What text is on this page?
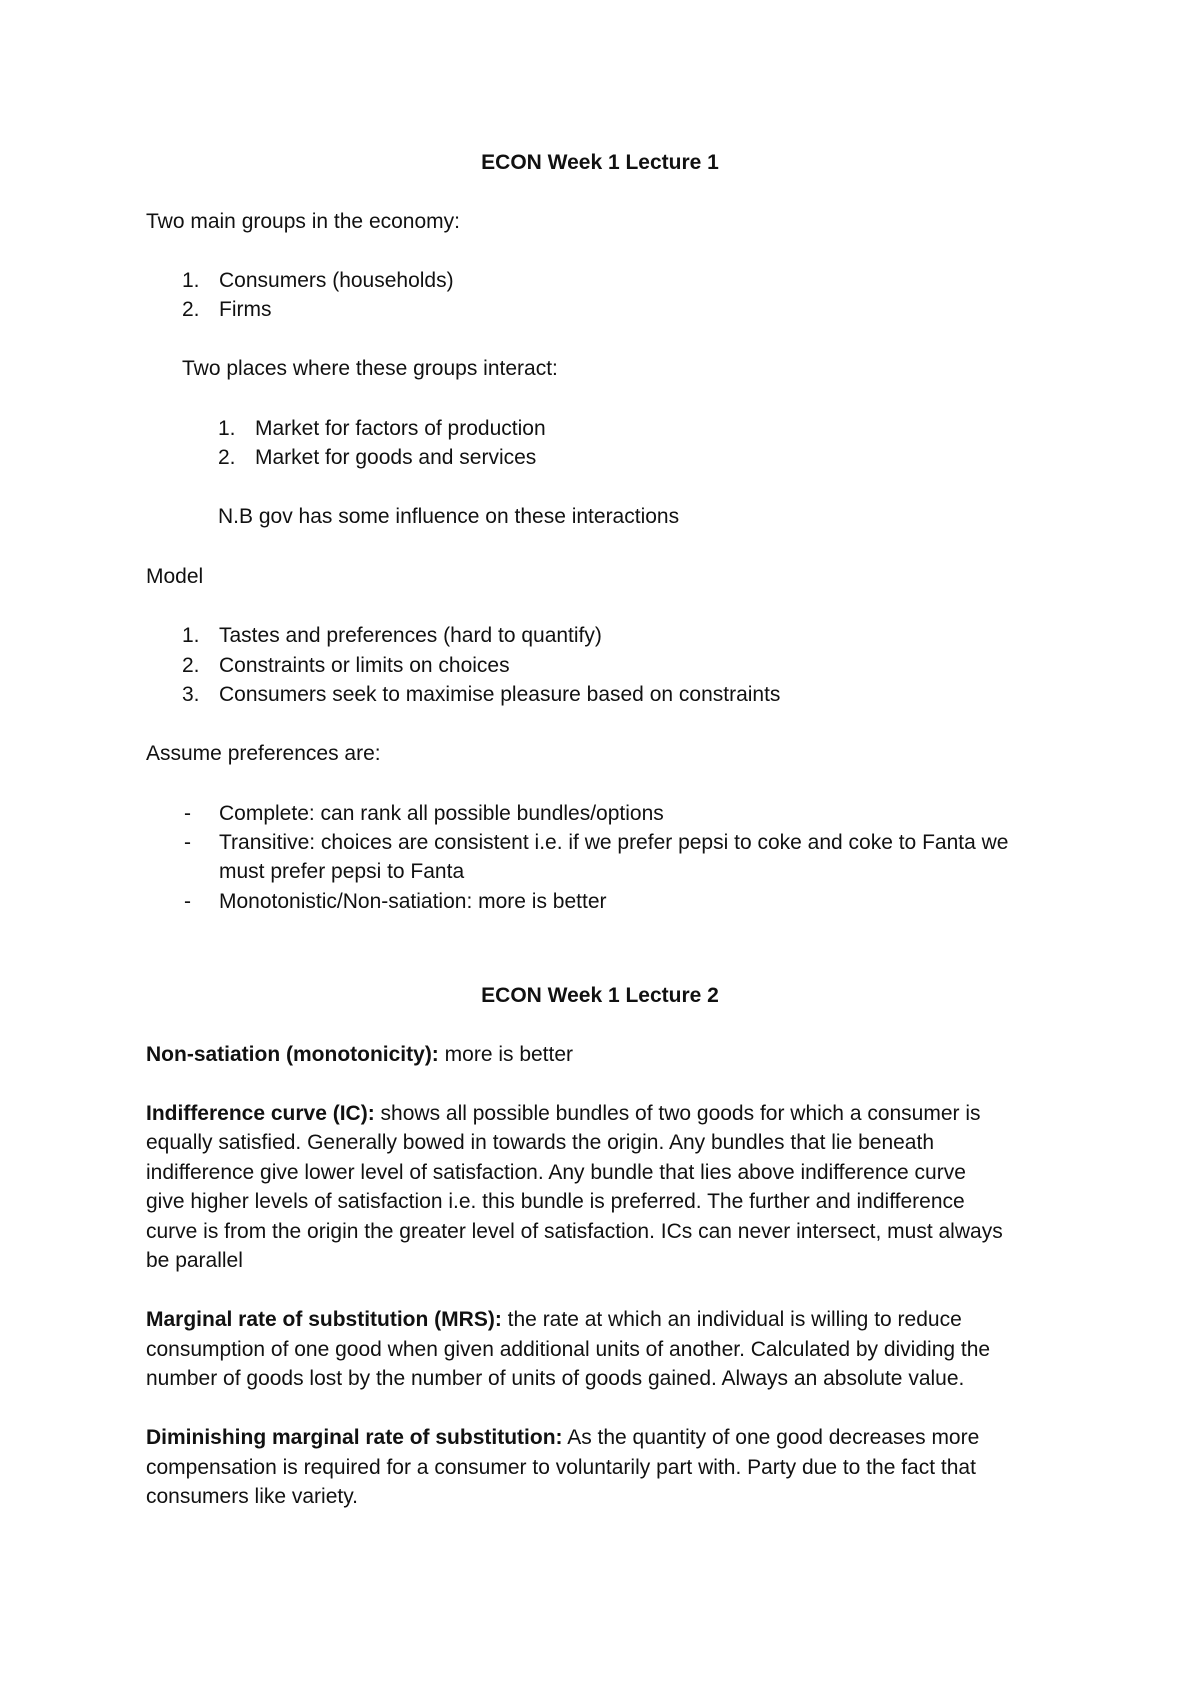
ECON Week 1 Lecture 1
Two main groups in the economy:
1. Consumers (households)
2. Firms
Two places where these groups interact:
1. Market for factors of production
2. Market for goods and services
N.B gov has some influence on these interactions
Model
1. Tastes and preferences (hard to quantify)
2. Constraints or limits on choices
3. Consumers seek to maximise pleasure based on constraints
Assume preferences are:
- Complete: can rank all possible bundles/options
- Transitive: choices are consistent i.e. if we prefer pepsi to coke and coke to Fanta we
must prefer pepsi to Fanta
- Monotonistic/Non-satiation: more is better
ECON Week 1 Lecture 2
Non-satiation (monotonicity): more is better
Indifference curve (IC): shows all possible bundles of two goods for which a consumer is
equally satisfied. Generally bowed in towards the origin. Any bundles that lie beneath
indifference give lower level of satisfaction. Any bundle that lies above indifference curve
give higher levels of satisfaction i.e. this bundle is preferred. The further and indifference
curve is from the origin the greater level of satisfaction. ICs can never intersect, must always
be parallel
Marginal rate of substitution (MRS): the rate at which an individual is willing to reduce
consumption of one good when given additional units of another. Calculated by dividing the
number of goods lost by the number of units of goods gained. Always an absolute value.
Diminishing marginal rate of substitution: As the quantity of one good decreases more
compensation is required for a consumer to voluntarily part with. Party due to the fact that
consumers like variety.
